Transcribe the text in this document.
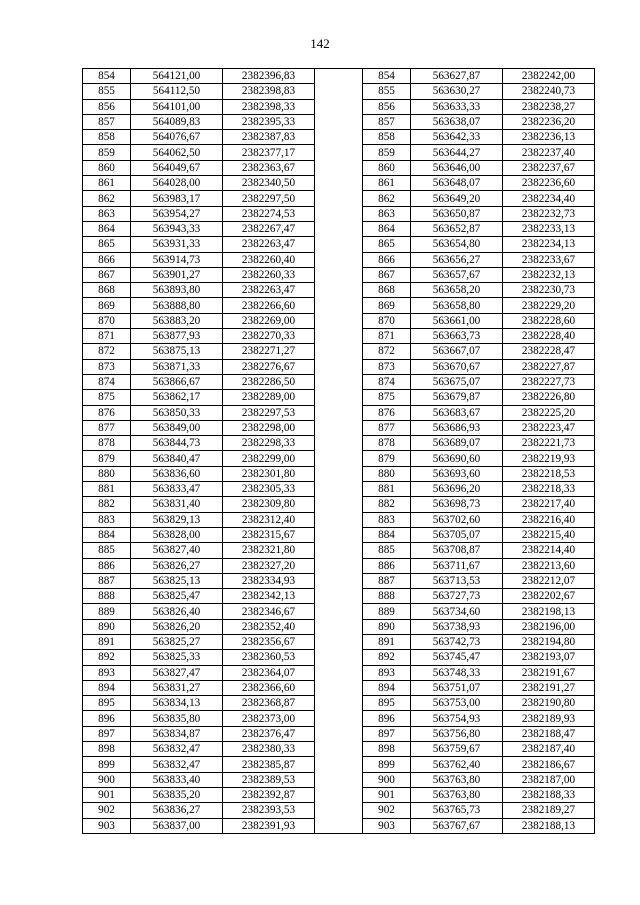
142
854	564121,00	2382396,83		854	563627,87	2382242,00
855	564112,50	2382398,83		855	563630,27	2382240,73
856	564101,00	2382398,33		856	563633,33	2382238,27
857	564089,83	2382395,33		857	563638,07	2382236,20
858	564076,67	2382387,83		858	563642,33	2382236,13
859	564062,50	2382377,17		859	563644,27	2382237,40
860	564049,67	2382363,67		860	563646,00	2382237,67
861	564028,00	2382340,50		861	563648,07	2382236,60
862	563983,17	2382297,50		862	563649,20	2382234,40
863	563954,27	2382274,53		863	563650,87	2382232,73
864	563943,33	2382267,47		864	563652,87	2382233,13
865	563931,33	2382263,47		865	563654,80	2382234,13
866	563914,73	2382260,40		866	563656,27	2382233,67
867	563901,27	2382260,33		867	563657,67	2382232,13
868	563893,80	2382263,47		868	563658,20	2382230,73
869	563888,80	2382266,60		869	563658,80	2382229,20
870	563883,20	2382269,00		870	563661,00	2382228,60
871	563877,93	2382270,33		871	563663,73	2382228,40
872	563875,13	2382271,27		872	563667,07	2382228,47
873	563871,33	2382276,67		873	563670,67	2382227,87
874	563866,67	2382286,50		874	563675,07	2382227,73
875	563862,17	2382289,00		875	563679,87	2382226,80
876	563850,33	2382297,53		876	563683,67	2382225,20
877	563849,00	2382298,00		877	563686,93	2382223,47
878	563844,73	2382298,33		878	563689,07	2382221,73
879	563840,47	2382299,00		879	563690,60	2382219,93
880	563836,60	2382301,80		880	563693,60	2382218,53
881	563833,47	2382305,33		881	563696,20	2382218,33
882	563831,40	2382309,80		882	563698,73	2382217,40
883	563829,13	2382312,40		883	563702,60	2382216,40
884	563828,00	2382315,67		884	563705,07	2382215,40
885	563827,40	2382321,80		885	563708,87	2382214,40
886	563826,27	2382327,20		886	563711,67	2382213,60
887	563825,13	2382334,93		887	563713,53	2382212,07
888	563825,47	2382342,13		888	563727,73	2382202,67
889	563826,40	2382346,67		889	563734,60	2382198,13
890	563826,20	2382352,40		890	563738,93	2382196,00
891	563825,27	2382356,67		891	563742,73	2382194,80
892	563825,33	2382360,53		892	563745,47	2382193,07
893	563827,47	2382364,07		893	563748,33	2382191,67
894	563831,27	2382366,60		894	563751,07	2382191,27
895	563834,13	2382368,87		895	563753,00	2382190,80
896	563835,80	2382373,00		896	563754,93	2382189,93
897	563834,87	2382376,47		897	563756,80	2382188,47
898	563832,47	2382380,33		898	563759,67	2382187,40
899	563832,47	2382385,87		899	563762,40	2382186,67
900	563833,40	2382389,53		900	563763,80	2382187,00
901	563835,20	2382392,87		901	563763,80	2382188,33
902	563836,27	2382393,53		902	563765,73	2382189,27
903	563837,00	2382391,93		903	563767,67	2382188,13
